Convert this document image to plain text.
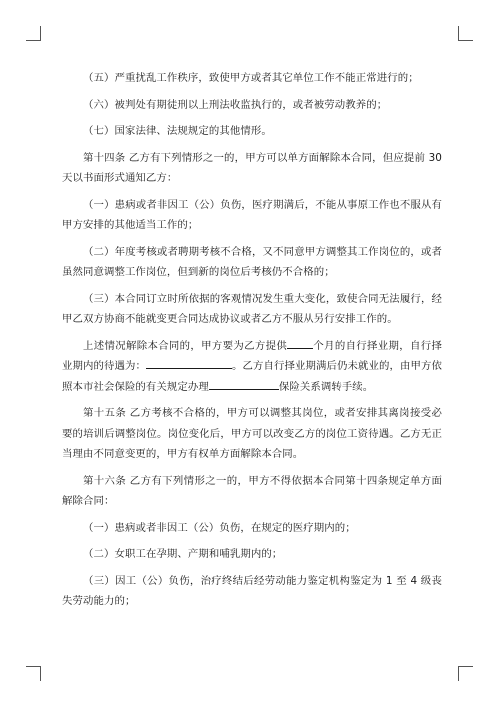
（五）严重扰乱工作秩序，致使甲方或者其它单位工作不能正常进行的；

（六）被判处有期徒刑以上刑法收监执行的，或者被劳动教养的；

（七）国家法律、法规规定的其他情形。

第十四条 乙方有下列情形之一的，甲方可以单方面解除本合同，但应提前 30 天以书面形式通知乙方：

（一）患病或者非因工（公）负伤，医疗期满后，不能从事原工作也不服从有甲方安排的其他适当工作的；

（二）年度考核或者聘期考核不合格，又不同意甲方调整其工作岗位的，或者虽然同意调整工作岗位，但到新的岗位后考核仍不合格的；

（三）本合同订立时所依据的客观情况发生重大变化，致使合同无法履行，经甲乙双方协商不能就变更合同达成协议或者乙方不服从另行安排工作的。

上述情况解除本合同的，甲方要为乙方提供	个月的自行择业期，自行择业期内的待遇为：	。乙方自行择业期满后仍未就业的，由甲方依照本市社会保险的有关规定办理	保险关系调转手续。

第十五条 乙方考核不合格的，甲方可以调整其岗位，或者安排其离岗接受必要的培训后调整岗位。岗位变化后，甲方可以改变乙方的岗位工资待遇。乙方无正当理由不同意变更的，甲方有权单方面解除本合同。

第十六条 乙方有下列情形之一的，甲方不得依据本合同第十四条规定单方面解除合同：

（一）患病或者非因工（公）负伤，在规定的医疗期内的；

（二）女职工在孕期、产期和哺乳期内的；

（三）因工（公）负伤，治疗终结后经劳动能力鉴定机构鉴定为 1 至 4 级丧失劳动能力的；
